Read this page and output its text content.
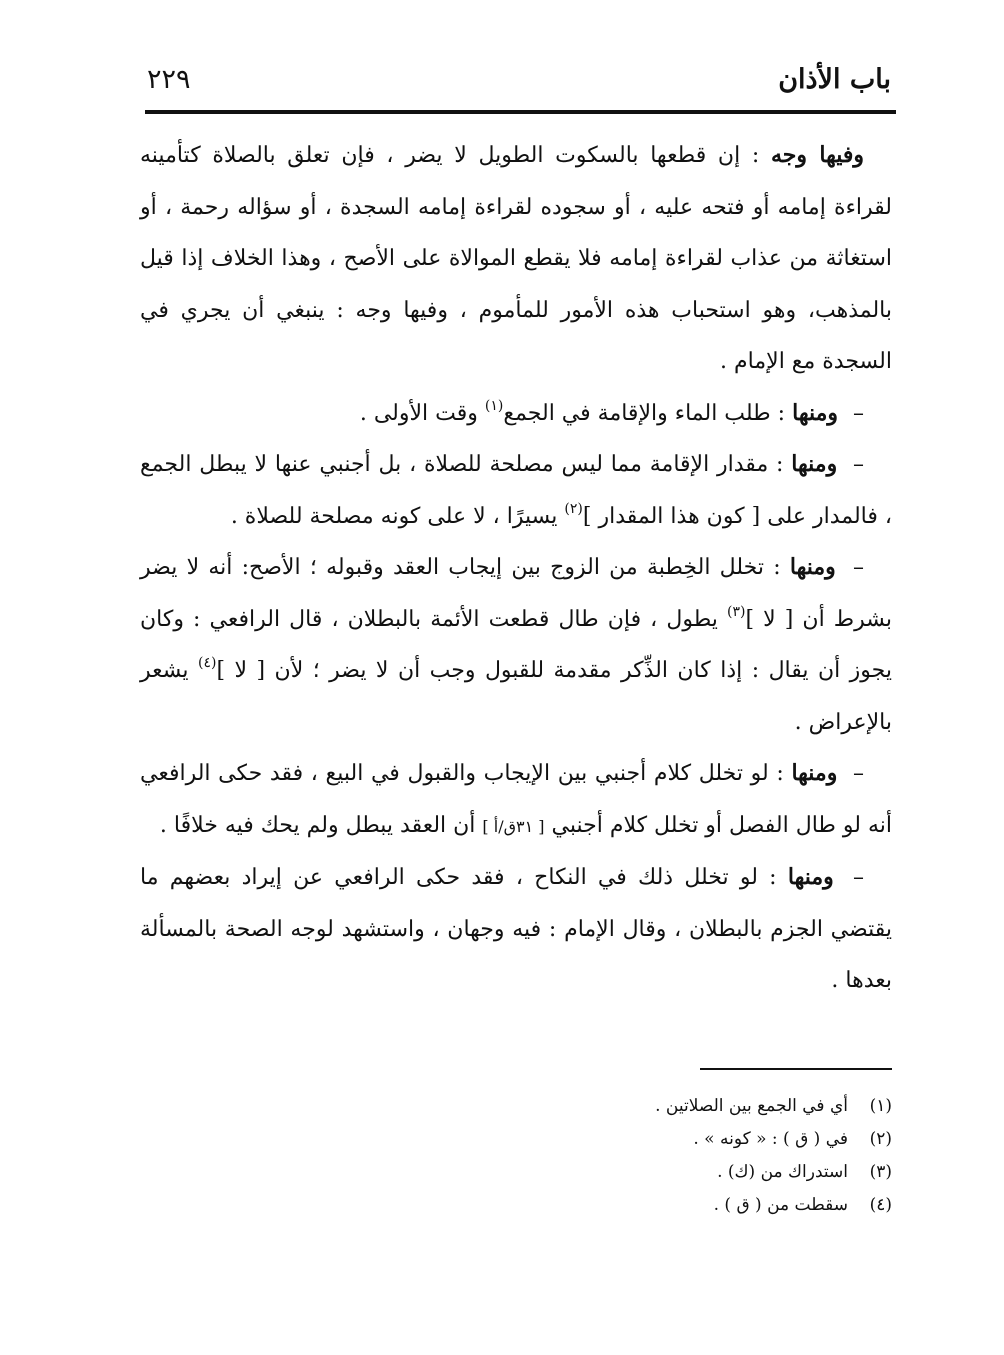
باب الأذان
٢٢٩

وفيها وجه : إن قطعها بالسكوت الطويل لا يضر ، فإن تعلق بالصلاة كتأمينه لقراءة إمامه أو فتحه عليه ، أو سجوده لقراءة إمامه السجدة ، أو سؤاله رحمة ، أو استغاثة من عذاب لقراءة إمامه فلا يقطع الموالاة على الأصح ، وهذا الخلاف إذا قيل بالمذهب، وهو استحباب هذه الأمور للمأموم ، وفيها وجه : ينبغي أن يجري في السجدة مع الإمام .

– ومنها : طلب الماء والإقامة في الجمع$^{(١)}$ وقت الأولى .

– ومنها : مقدار الإقامة مما ليس مصلحة للصلاة ، بل أجنبي عنها لا يبطل الجمع ، فالمدار على [ كون هذا المقدار ]$^{(٢)}$ يسيرًا ، لا على كونه مصلحة للصلاة .

– ومنها : تخلل الخِطبة من الزوج بين إيجاب العقد وقبوله ؛ الأصح: أنه لا يضر بشرط أن [ لا ]$^{(٣)}$ يطول ، فإن طال قطعت الأئمة بالبطلان ، قال الرافعي : وكان يجوز أن يقال : إذا كان الذِّكر مقدمة للقبول وجب أن لا يضر ؛ لأن [ لا ]$^{(٤)}$ يشعر بالإعراض .

– ومنها : لو تخلل كلام أجنبي بين الإيجاب والقبول في البيع ، فقد حكى الرافعي أنه لو طال الفصل أو تخلل كلام أجنبي [ ٣١ق/أ ] أن العقد يبطل ولم يحك فيه خلافًا .

– ومنها : لو تخلل ذلك في النكاح ، فقد حكى الرافعي عن إيراد بعضهم ما يقتضي الجزم بالبطلان ، وقال الإمام : فيه وجهان ، واستشهد لوجه الصحة بالمسألة بعدها .

(١)أي في الجمع بين الصلاتين .
(٢)في ( ق ) : « كونه » .
(٣)استدراك من (ك) .
(٤)سقطت من ( ق ) .
